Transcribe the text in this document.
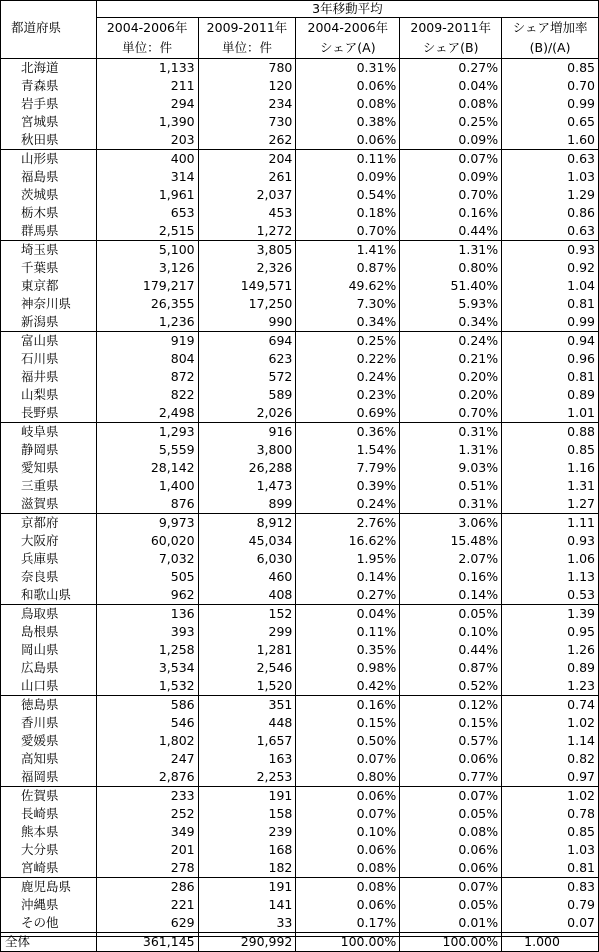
	3年移動平均				
都道府県	2004-2006年	2009-2011年	2004-2006年	2009-2011年	シェア増加率
	単位：件	単位：件	シェア(A)	シェア(B)	(B)/(A)
北海道	1,133	780	0.31%	0.27%	0.85
青森県	211	120	0.06%	0.04%	0.70
岩手県	294	234	0.08%	0.08%	0.99
宮城県	1,390	730	0.38%	0.25%	0.65
秋田県	203	262	0.06%	0.09%	1.60
山形県	400	204	0.11%	0.07%	0.63
福島県	314	261	0.09%	0.09%	1.03
茨城県	1,961	2,037	0.54%	0.70%	1.29
栃木県	653	453	0.18%	0.16%	0.86
群馬県	2,515	1,272	0.70%	0.44%	0.63
埼玉県	5,100	3,805	1.41%	1.31%	0.93
千葉県	3,126	2,326	0.87%	0.80%	0.92
東京都	179,217	149,571	49.62%	51.40%	1.04
神奈川県	26,355	17,250	7.30%	5.93%	0.81
新潟県	1,236	990	0.34%	0.34%	0.99
富山県	919	694	0.25%	0.24%	0.94
石川県	804	623	0.22%	0.21%	0.96
福井県	872	572	0.24%	0.20%	0.81
山梨県	822	589	0.23%	0.20%	0.89
長野県	2,498	2,026	0.69%	0.70%	1.01
岐阜県	1,293	916	0.36%	0.31%	0.88
静岡県	5,559	3,800	1.54%	1.31%	0.85
愛知県	28,142	26,288	7.79%	9.03%	1.16
三重県	1,400	1,473	0.39%	0.51%	1.31
滋賀県	876	899	0.24%	0.31%	1.27
京都府	9,973	8,912	2.76%	3.06%	1.11
大阪府	60,020	45,034	16.62%	15.48%	0.93
兵庫県	7,032	6,030	1.95%	2.07%	1.06
奈良県	505	460	0.14%	0.16%	1.13
和歌山県	962	408	0.27%	0.14%	0.53
鳥取県	136	152	0.04%	0.05%	1.39
島根県	393	299	0.11%	0.10%	0.95
岡山県	1,258	1,281	0.35%	0.44%	1.26
広島県	3,534	2,546	0.98%	0.87%	0.89
山口県	1,532	1,520	0.42%	0.52%	1.23
徳島県	586	351	0.16%	0.12%	0.74
香川県	546	448	0.15%	0.15%	1.02
愛媛県	1,802	1,657	0.50%	0.57%	1.14
高知県	247	163	0.07%	0.06%	0.82
福岡県	2,876	2,253	0.80%	0.77%	0.97
佐賀県	233	191	0.06%	0.07%	1.02
長崎県	252	158	0.07%	0.05%	0.78
熊本県	349	239	0.10%	0.08%	0.85
大分県	201	168	0.06%	0.06%	1.03
宮崎県	278	182	0.08%	0.06%	0.81
鹿児島県	286	191	0.08%	0.07%	0.83
沖縄県	221	141	0.06%	0.05%	0.79
その他	629	33	0.17%	0.01%	0.07
全体	361,145	290,992	100.00%	100.00%	1.000
